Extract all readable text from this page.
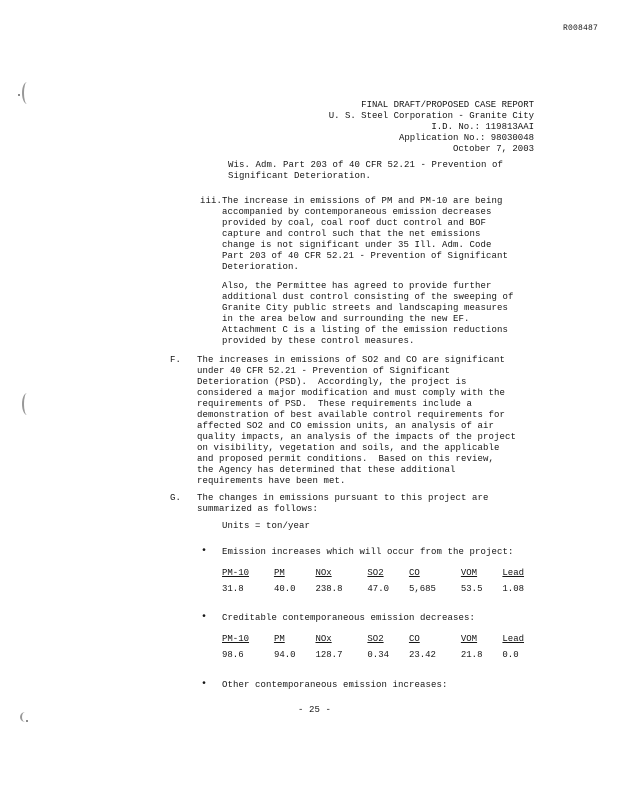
R008487
FINAL DRAFT/PROPOSED CASE REPORT
U. S. Steel Corporation - Granite City
I.D. No.: 119813AAI
Application No.: 98030048
October 7, 2003
Wis. Adm. Part 203 of 40 CFR 52.21 - Prevention of
Significant Deterioration.
iii. The increase in emissions of PM and PM-10 are being
accompanied by contemporaneous emission decreases
provided by coal, coal roof duct control and BOF
capture and control such that the net emissions
change is not significant under 35 Ill. Adm. Code
Part 203 of 40 CFR 52.21 - Prevention of Significant
Deterioration.
Also, the Permittee has agreed to provide further
additional dust control consisting of the sweeping of
Granite City public streets and landscaping measures
in the area below and surrounding the new EF.
Attachment C is a listing of the emission reductions
provided by these control measures.
F. The increases in emissions of SO2 and CO are significant
under 40 CFR 52.21 - Prevention of Significant
Deterioration (PSD).  Accordingly, the project is
considered a major modification and must comply with the
requirements of PSD.  These requirements include a
demonstration of best available control requirements for
affected SO2 and CO emission units, an analysis of air
quality impacts, an analysis of the impacts of the project
on visibility, vegetation and soils, and the applicable
and proposed permit conditions.  Based on this review,
the Agency has determined that these additional
requirements have been met.
G. The changes in emissions pursuant to this project are
summarized as follows:
Units = ton/year
• Emission increases which will occur from the project:
PM-10	PM	NOx	SO2	CO	VOM	Lead
31.8	40.0	238.8	47.0	5,685	53.5	1.08
• Creditable contemporaneous emission decreases:
PM-10	PM	NOx	SO2	CO	VOM	Lead
98.6	94.0	128.7	0.34	23.42	21.8	0.0
• Other contemporaneous emission increases:
- 25 -
